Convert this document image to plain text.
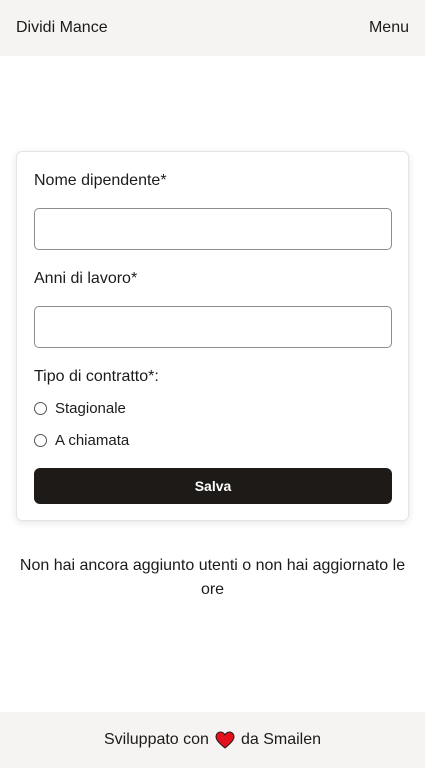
Dividi Mance	Menu
Nome dipendente*
Anni di lavoro*
Tipo di contratto*:
Stagionale
A chiamata
Salva

Non hai ancora aggiunto utenti o non hai aggiornato le ore

Sviluppato con da Smailen
